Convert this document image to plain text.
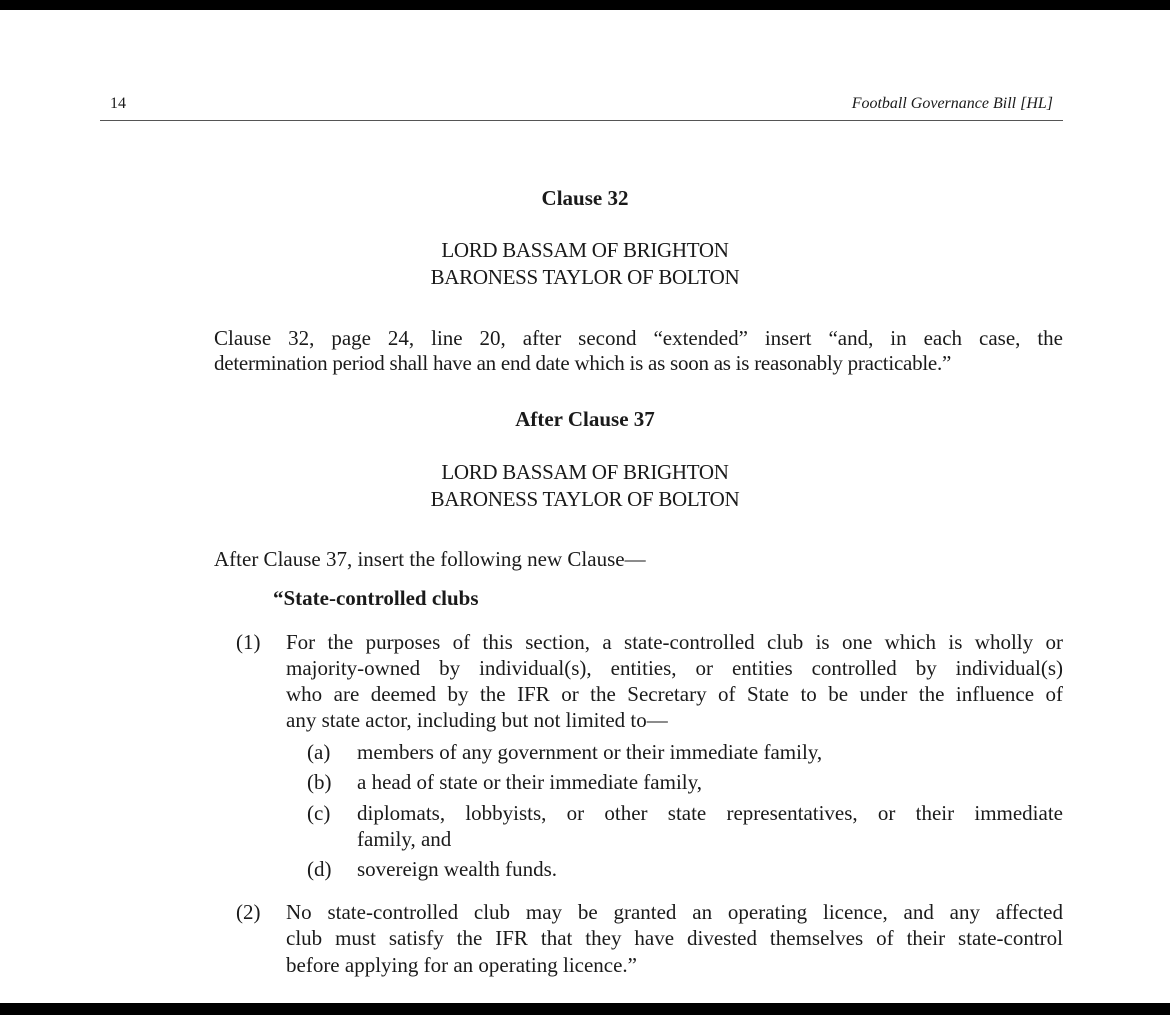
14	Football Governance Bill [HL]
Clause 32
LORD BASSAM OF BRIGHTON
BARONESS TAYLOR OF BOLTON
Clause 32, page 24, line 20, after second “extended” insert “and, in each case, the
determination period shall have an end date which is as soon as is reasonably practicable.”
After Clause 37
LORD BASSAM OF BRIGHTON
BARONESS TAYLOR OF BOLTON
After Clause 37, insert the following new Clause—
“State-controlled clubs
(1) For the purposes of this section, a state-controlled club is one which is wholly or
majority-owned by individual(s), entities, or entities controlled by individual(s)
who are deemed by the IFR or the Secretary of State to be under the influence of
any state actor, including but not limited to—
(a) members of any government or their immediate family,
(b) a head of state or their immediate family,
(c) diplomats, lobbyists, or other state representatives, or their immediate
family, and
(d) sovereign wealth funds.
(2) No state-controlled club may be granted an operating licence, and any affected
club must satisfy the IFR that they have divested themselves of their state-control
before applying for an operating licence.”
